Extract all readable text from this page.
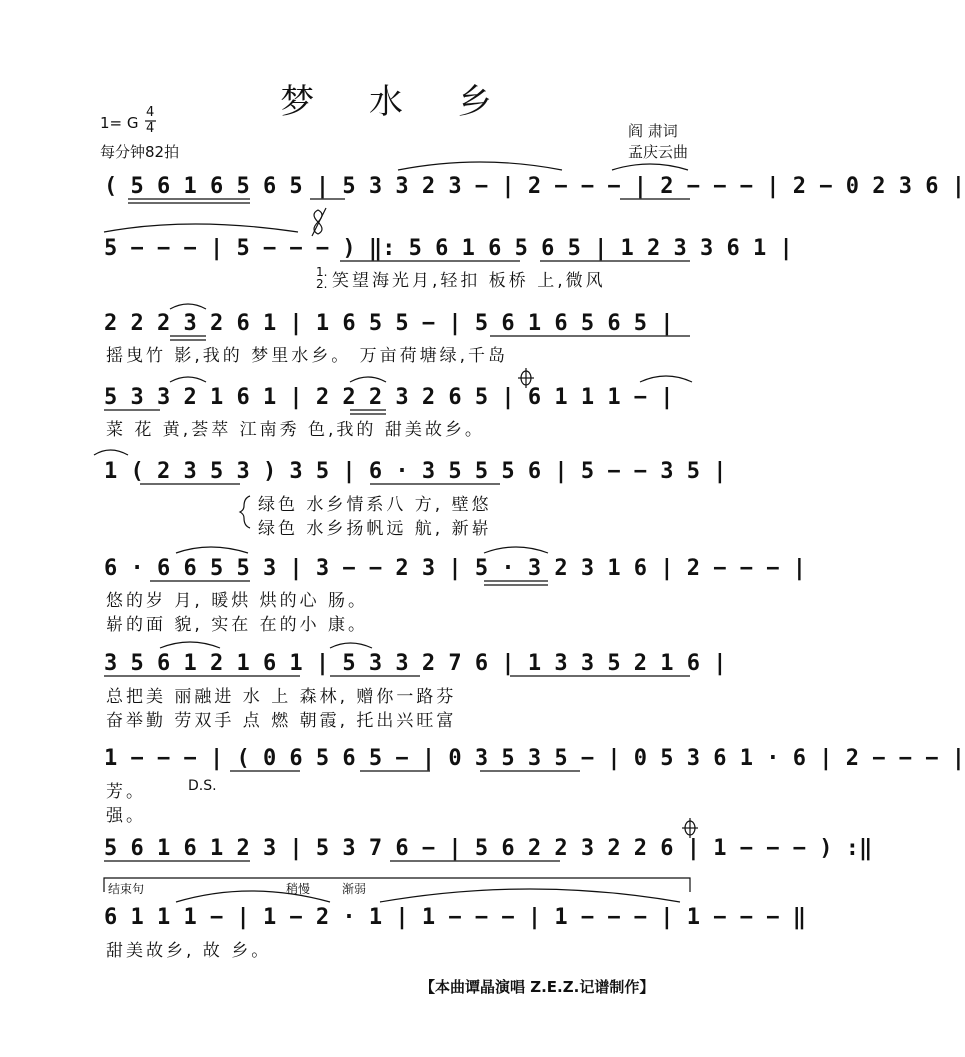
梦 水 乡
1= G
4
4
每分钟82拍
阎 肃词
孟庆云曲
( 5 6 1 6 5 6 5 | 5 3 3 2 3 − | 2 − − − | 2 − − − | 2 − 0 2 3 6 |
5 − − − | 5 − − − ) ‖: 5 6 1 6 5 6 5 | 1 2 3 3 6 1 |
2 2 2 3 2 6 1 | 1 6 5 5 − | 5 6 1 6 5 6 5 |
5 3 3 2 1 6 1 | 2 2 2 3 2 6 5 | 6 1 1 1 − |
1 ( 2 3 5 3 ) 3 5 | 6 · 3 5 5 5 6 | 5 − − 3 5 |
6 · 6 6 5 5 3 | 3 − − 2 3 | 5 · 3 2 3 1 6 | 2 − − − |
3 5 6 1 2 1 6 1 | 5 3 3 2 7 6 | 1 3 3 5 2 1 6 |
1 − − − | ( 0 6 5 6 5 − | 0 3 5 3 5 − | 0 5 3 6 1 · 6 | 2 − − − |
5 6 1 6 1 2 3 | 5 3 7 6 − | 5 6 2 2 3 2 2 6 | 1 − − − ) :‖
6 1 1 1 − | 1 − 2 · 1 | 1 − − − | 1 − − − | 1 − − − ‖
1. 2. 笑望海光月,轻扣 板桥 上,微风
摇曳竹 影,我的 梦里水乡。 万亩荷塘绿,千岛
菜 花 黄,荟萃 江南秀 色,我的 甜美故乡。
绿色 水乡情系八 方, 壁悠
绿色 水乡扬帆远 航, 新崭
悠的岁 月, 暖烘 烘的心 肠。
崭的面 貌, 实在 在的小 康。
总把美 丽融进 水 上 森林, 赠你一路芬
奋举勤 劳双手 点 燃 朝霞, 托出兴旺富
芳。	D.S.
强。
结束句	稍慢	渐弱
甜美故乡, 故 乡。
【本曲谭晶演唱 Z.E.Z.记谱制作】
